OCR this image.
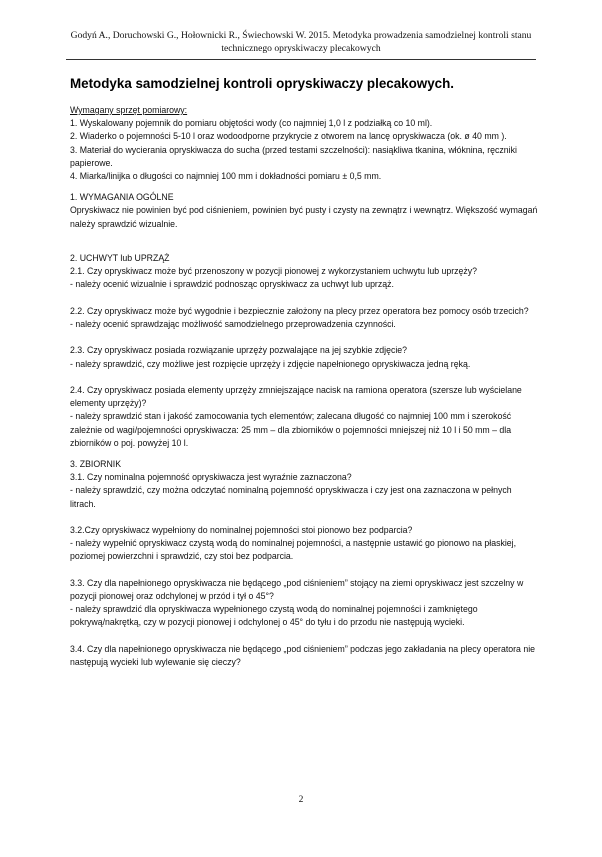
Godyń A., Doruchowski G., Hołownicki R., Świechowski W. 2015. Metodyka prowadzenia samodzielnej kontroli stanu
technicznego opryskiwaczy plecakowych
Metodyka samodzielnej kontroli opryskiwaczy plecakowych.

Wymagany sprzęt pomiarowy:

1. Wyskalowany pojemnik do pomiaru objętości wody (co najmniej 1,0 l z podziałką co 10 ml).

2. Wiaderko o pojemności 5-10 l oraz wodoodporne przykrycie z otworem na lancę opryskiwacza (ok. ø 40 mm ).

3. Materiał do wycierania opryskiwacza do sucha (przed testami szczelności): nasiąkliwa tkanina, włóknina, ręczniki papierowe.

4. Miarka/linijka o długości co najmniej 100 mm i dokładności pomiaru ± 0,5 mm.

1. WYMAGANIA OGÓLNE

Opryskiwacz nie powinien być pod ciśnieniem, powinien być pusty i czysty na zewnątrz i wewnątrz. Większość wymagań należy sprawdzić wizualnie.

2. UCHWYT lub UPRZĄŻ

2.1. Czy opryskiwacz może być przenoszony w pozycji pionowej z wykorzystaniem uchwytu lub uprzęży?

- należy ocenić wizualnie i sprawdzić podnosząc opryskiwacz za uchwyt lub uprząż.

2.2. Czy opryskiwacz może być wygodnie i bezpiecznie założony na plecy przez operatora bez pomocy osób trzecich?

- należy ocenić sprawdzając możliwość samodzielnego przeprowadzenia czynności.

2.3. Czy opryskiwacz posiada rozwiązanie uprzęży pozwalające na jej szybkie zdjęcie?

- należy sprawdzić, czy możliwe jest rozpięcie uprzęży i zdjęcie napełnionego opryskiwacza jedną ręką.

2.4. Czy opryskiwacz posiada elementy uprzęży zmniejszające nacisk na ramiona operatora (szersze lub wyścielane elementy uprzęży)?

- należy sprawdzić stan i jakość zamocowania tych elementów; zalecana długość co najmniej 100 mm i szerokość zależnie od wagi/pojemności opryskiwacza: 25 mm – dla zbiorników o pojemności mniejszej niż 10 l i 50 mm – dla zbiorników o poj. powyżej 10 l.

3. ZBIORNIK

3.1. Czy nominalna pojemność opryskiwacza jest wyraźnie zaznaczona?

- należy sprawdzić, czy można odczytać nominalną pojemność opryskiwacza i czy jest ona zaznaczona w pełnych litrach.

3.2.Czy opryskiwacz wypełniony do nominalnej pojemności stoi pionowo bez podparcia?

- należy wypełnić opryskiwacz czystą wodą do nominalnej pojemności, a następnie ustawić go pionowo na płaskiej, poziomej powierzchni i sprawdzić, czy stoi bez podparcia.

3.3. Czy dla napełnionego opryskiwacza nie będącego „pod ciśnieniem” stojący na ziemi opryskiwacz jest szczelny w pozycji pionowej oraz odchylonej w przód i tył o 45°?

- należy sprawdzić dla opryskiwacza wypełnionego czystą wodą do nominalnej pojemności i zamkniętego pokrywą/nakrętką, czy w pozycji pionowej i odchylonej o 45° do tyłu i do przodu nie następują wycieki.

3.4. Czy dla napełnionego opryskiwacza nie będącego „pod ciśnieniem” podczas jego zakładania na plecy operatora nie następują wycieki lub wylewanie się cieczy?

2
